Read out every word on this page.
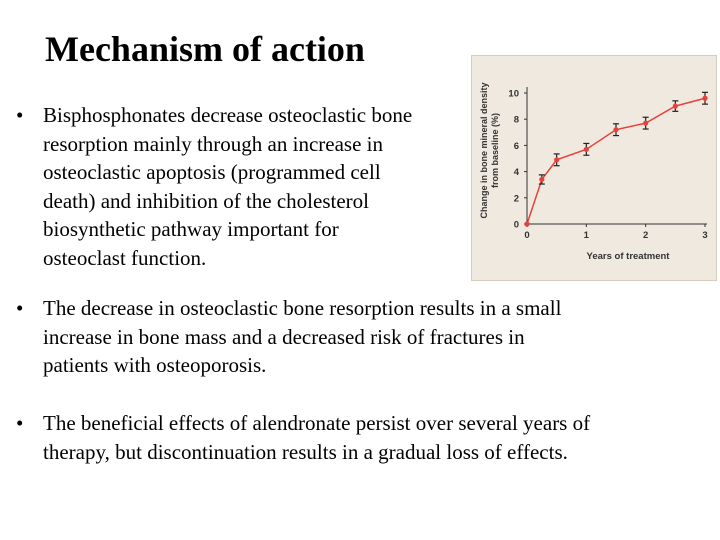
Mechanism of action
• Bisphosphonates decrease osteoclastic bone
resorption mainly through an increase in
osteoclastic apoptosis (programmed cell
death) and inhibition of the cholesterol
biosynthetic pathway important for
osteoclast function.
• The decrease in osteoclastic bone resorption results in a small
increase in bone mass and a decreased risk of fractures in
patients with osteoporosis.
• The beneficial effects of alendronate persist over several years of
therapy, but discontinuation results in a gradual loss of effects.
0
2
4
6
8
10
0	1	2	3
Years of treatment
Change in bone mineral density from baseline (%)
